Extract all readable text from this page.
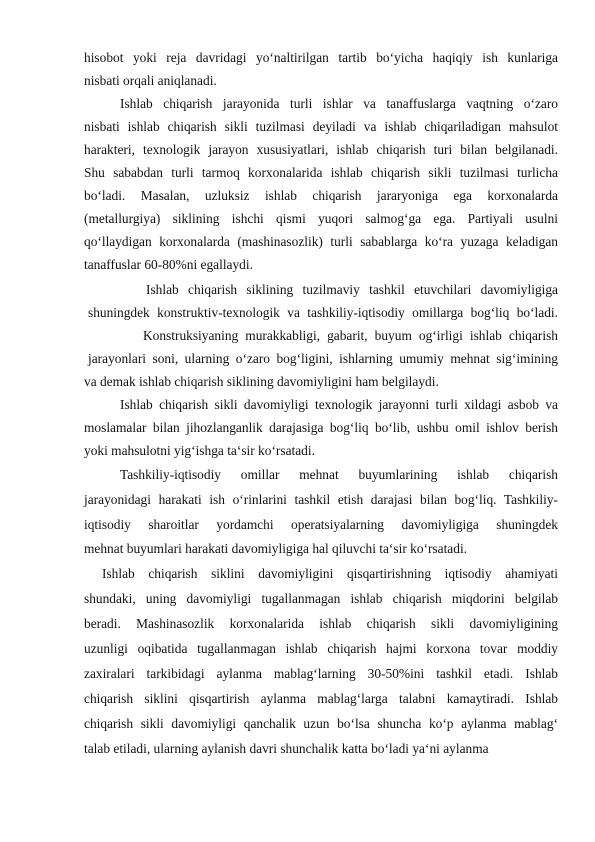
hisobot yoki reja davridagi yo‘naltirilgan tartib bo‘yicha haqiqiy ish kunlariga
nisbati orqali aniqlanadi.
Ishlab chiqarish jarayonida turli ishlar va tanaffuslarga vaqtning o‘zaro
nisbati ishlab chiqarish sikli tuzilmasi deyiladi va ishlab chiqariladigan mahsulot
harakteri, texnologik jarayon xususiyatlari, ishlab chiqarish turi bilan belgilanadi.
Shu sababdan turli tarmoq korxonalarida ishlab chiqarish sikli tuzilmasi turlicha
bo‘ladi. Masalan, uzluksiz ishlab chiqarish jararyoniga ega korxonalarda
(metallurgiya) siklining ishchi qismi yuqori salmog‘ga ega. Partiyali usulni
qo‘llaydigan korxonalarda (mashinasozlik) turli sabablarga ko‘ra yuzaga keladigan
tanaffuslar 60-80%ni egallaydi.
Ishlab chiqarish siklining tuzilmaviy tashkil etuvchilari davomiyligiga
shuningdek konstruktiv-texnologik va tashkiliy-iqtisodiy omillarga bog‘liq bo‘ladi.
Konstruksiyaning murakkabligi, gabarit, buyum og‘irligi ishlab chiqarish
jarayonlari soni, ularning o‘zaro bog‘ligini, ishlarning umumiy mehnat sig‘imining
va demak ishlab chiqarish siklining davomiyligini ham belgilaydi.
Ishlab chiqarish sikli davomiyligi texnologik jarayonni turli xildagi asbob va
moslamalar bilan jihozlanganlik darajasiga bog‘liq bo‘lib, ushbu omil ishlov berish
yoki mahsulotni yig‘ishga ta‘sir ko‘rsatadi.
Tashkiliy-iqtisodiy omillar mehnat buyumlarining ishlab chiqarish
jarayonidagi harakati ish o‘rinlarini tashkil etish darajasi bilan bog‘liq. Tashkiliy-
iqtisodiy sharoitlar yordamchi operatsiyalarning davomiyligiga shuningdek
mehnat buyumlari harakati davomiyligiga hal qiluvchi ta‘sir ko‘rsatadi.
Ishlab chiqarish siklini davomiyligini qisqartirishning iqtisodiy ahamiyati
shundaki, uning davomiyligi tugallanmagan ishlab chiqarish miqdorini belgilab
beradi. Mashinasozlik korxonalarida ishlab chiqarish sikli davomiyligining
uzunligi oqibatida tugallanmagan ishlab chiqarish hajmi korxona tovar moddiy
zaxiralari tarkibidagi aylanma mablag‘larning 30-50%ini tashkil etadi. Ishlab
chiqarish siklini qisqartirish aylanma mablag‘larga talabni kamaytiradi. Ishlab
chiqarish sikli davomiyligi qanchalik uzun bo‘lsa shuncha ko‘p aylanma mablag‘
talab etiladi, ularning aylanish davri shunchalik katta bo‘ladi ya‘ni aylanma
